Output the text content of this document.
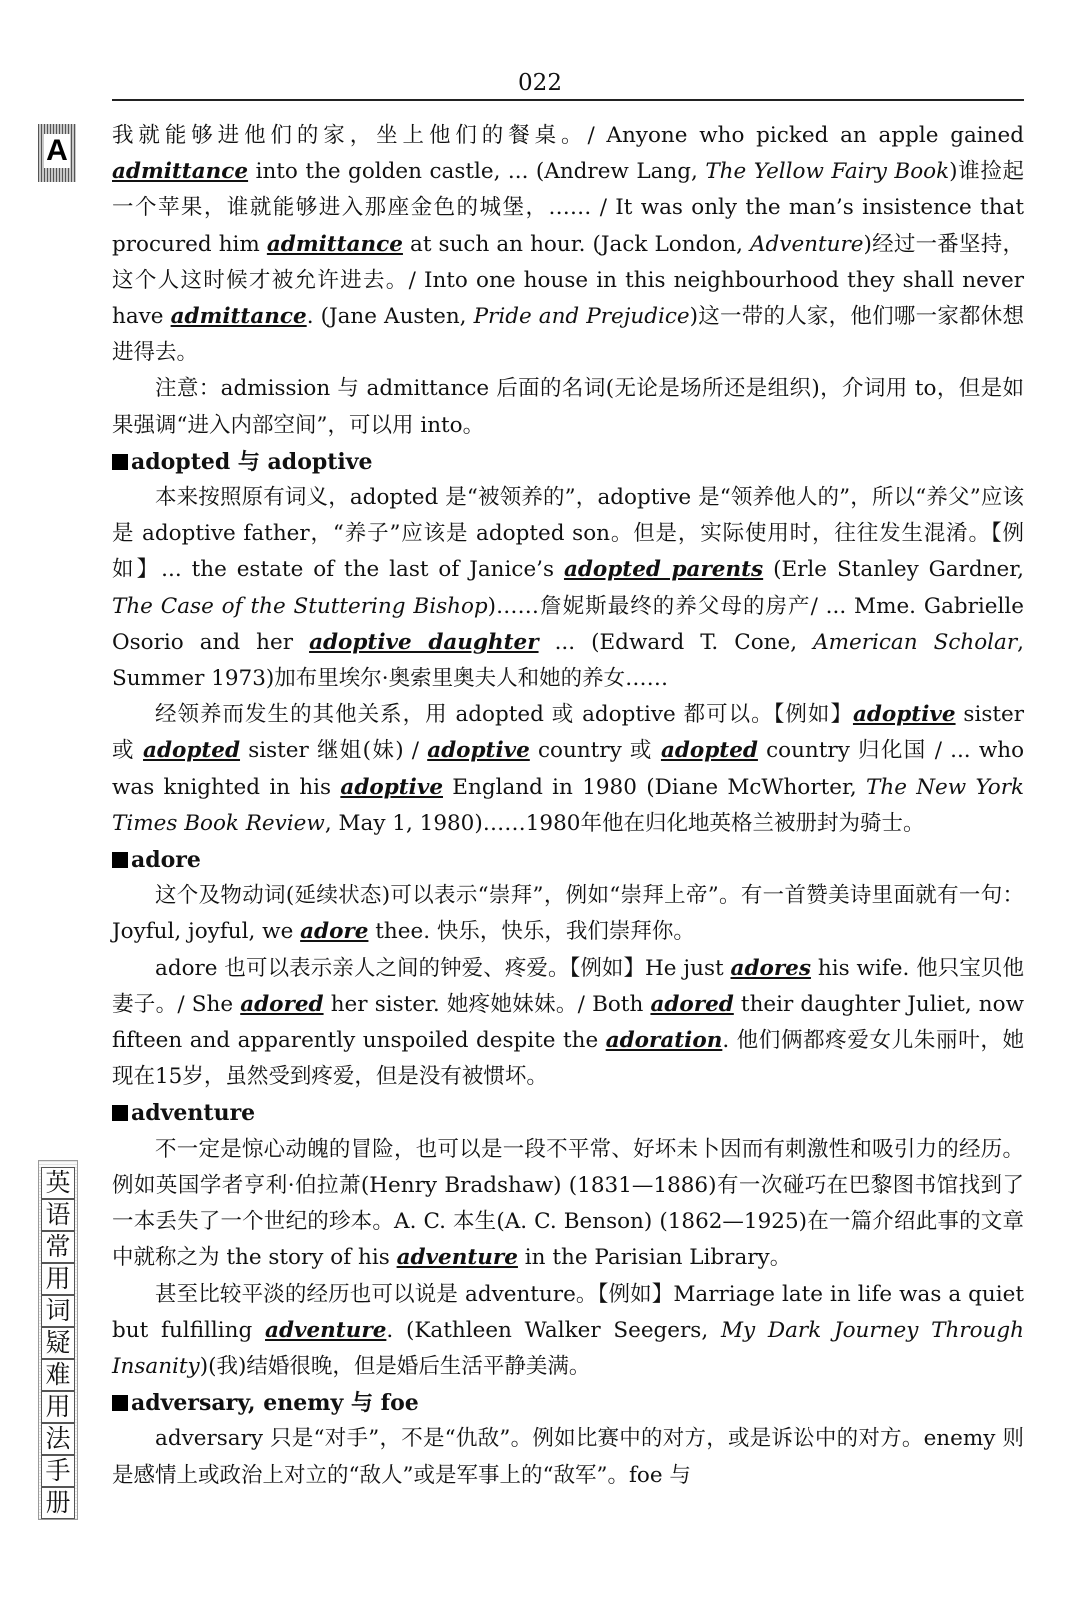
022
A
英
语
常
用
词
疑
难
用
法
手
册

我就能够进他们的家，坐上他们的餐桌。/ Anyone who picked an apple gained admittance into the golden castle, ... (Andrew Lang, The Yellow Fairy Book)谁捡起一个苹果，谁就能够进入那座金色的城堡，…… / It was only the man’s insistence that procured him admittance at such an hour. (Jack London, Adventure)经过一番坚持，这个人这时候才被允许进去。/ Into one house in this neighbourhood they shall never have admittance. (Jane Austen, Pride and Prejudice)这一带的人家，他们哪一家都休想进得去。

注意：admission 与 admittance 后面的名词(无论是场所还是组织)，介词用 to，但是如果强调“进入内部空间”，可以用 into。

adopted 与 adoptive

本来按照原有词义，adopted 是“被领养的”，adoptive 是“领养他人的”，所以“养父”应该是 adoptive father，“养子”应该是 adopted son。但是，实际使用时，往往发生混淆。【例如】... the estate of the last of Janice’s adopted parents (Erle Stanley Gardner, The Case of the Stuttering Bishop)……詹妮斯最终的养父母的房产/ ... Mme. Gabrielle Osorio and her adoptive daughter ... (Edward T. Cone, American Scholar, Summer 1973)加布里埃尔·奥索里奥夫人和她的养女……

经领养而发生的其他关系，用 adopted 或 adoptive 都可以。【例如】adoptive sister 或 adopted sister 继姐(妹) / adoptive country 或 adopted country 归化国 / ... who was knighted in his adoptive England in 1980 (Diane McWhorter, The New York Times Book Review, May 1, 1980)……1980年他在归化地英格兰被册封为骑士。

adore

这个及物动词(延续状态)可以表示“崇拜”，例如“崇拜上帝”。有一首赞美诗里面就有一句：Joyful, joyful, we adore thee. 快乐，快乐，我们崇拜你。

adore 也可以表示亲人之间的钟爱、疼爱。【例如】He just adores his wife. 他只宝贝他妻子。/ She adored her sister. 她疼她妹妹。/ Both adored their daughter Juliet, now fifteen and apparently unspoiled despite the adoration. 他们俩都疼爱女儿朱丽叶，她现在15岁，虽然受到疼爱，但是没有被惯坏。

adventure

不一定是惊心动魄的冒险，也可以是一段不平常、好坏未卜因而有刺激性和吸引力的经历。例如英国学者亨利·伯拉萧(Henry Bradshaw) (1831—1886)有一次碰巧在巴黎图书馆找到了一本丢失了一个世纪的珍本。A. C. 本生(A. C. Benson) (1862—1925)在一篇介绍此事的文章中就称之为 the story of his adventure in the Parisian Library。

甚至比较平淡的经历也可以说是 adventure。【例如】Marriage late in life was a quiet but fulfilling adventure. (Kathleen Walker Seegers, My Dark Journey Through Insanity)(我)结婚很晚，但是婚后生活平静美满。

adversary, enemy 与 foe

adversary 只是“对手”，不是“仇敌”。例如比赛中的对方，或是诉讼中的对方。enemy 则是感情上或政治上对立的“敌人”或是军事上的“敌军”。foe 与
